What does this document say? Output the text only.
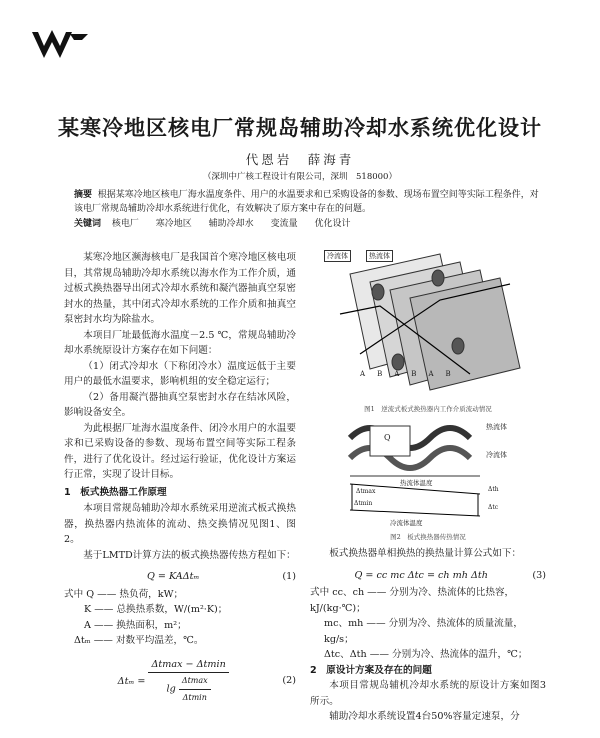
某寒冷地区核电厂常规岛辅助冷却水系统优化设计
代恩岩　薛海青
（深圳中广核工程设计有限公司，深圳　518000）
摘要 根据某寒冷地区核电厂海水温度条件、用户的水温要求和已采购设备的参数、现场布置空间等实际工程条件，对该电厂常规岛辅助冷却水系统进行优化，有效解决了原方案中存在的问题。
关键词 核电厂 寒冷地区 辅助冷却水 变流量 优化设计

某寒冷地区濒海核电厂是我国首个寒冷地区核电项目，其常规岛辅助冷却水系统以海水作为工作介质，通过板式换热器导出闭式冷却水系统和凝汽器抽真空泵密封水的热量，其中闭式冷却水系统的工作介质和抽真空泵密封水均为除盐水。

本项目厂址最低海水温度－2.5 ℃，常规岛辅助冷却水系统原设计方案存在如下问题：

（1）闭式冷却水（下称闭冷水）温度远低于主要用户的最低水温要求，影响机组的安全稳定运行；

（2）备用凝汽器抽真空泵密封水存在结冰风险，影响设备安全。

为此根据厂址海水温度条件、闭冷水用户的水温要求和已采购设备的参数、现场布置空间等实际工程条件，进行了优化设计。经过运行验证，优化设计方案运行正常，实现了设计目标。

1　板式换热器工作原理

本项目常规岛辅助冷却水系统采用逆流式板式换热器，换热器内热流体的流动、热交换情况见图1、图2。

基于LMTD计算方法的板式换热器传热方程如下：

Q = KAΔtₘ	(1)
式中 Q —— 热负荷，kW；
K —— 总换热系数，W/(m²·K)；
A —— 换热面积，m²；
Δtₘ —— 对数平均温差，℃。
$\Delta t_m = \frac{\Delta tmax - \Delta tmin}{\lg \frac{\Delta tmax}{\Delta tmin}}$	(2)
冷流体	热流体
ABABAB
图1　逆流式板式换热器内工作介质流动情况
Q
热流体
冷流体
热流体温度
冷流体温度
Δtmax	Δth
Δtmin
Δtc
图2　板式换热器传热情况

板式换热器单相换热的换热量计算公式如下：

Q = cc mc Δtc = ch mh Δth	(3)
式中 cc、ch —— 分别为冷、热流体的比热容，kJ/(kg·℃)；
mc、mh —— 分别为冷、热流体的质量流量，kg/s；
Δtc、Δth —— 分别为冷、热流体的温升，℃；

2　原设计方案及存在的问题

本项目常规岛辅机冷却水系统的原设计方案如图3所示。

辅助冷却水系统设置4台50%容量定速泵，分
